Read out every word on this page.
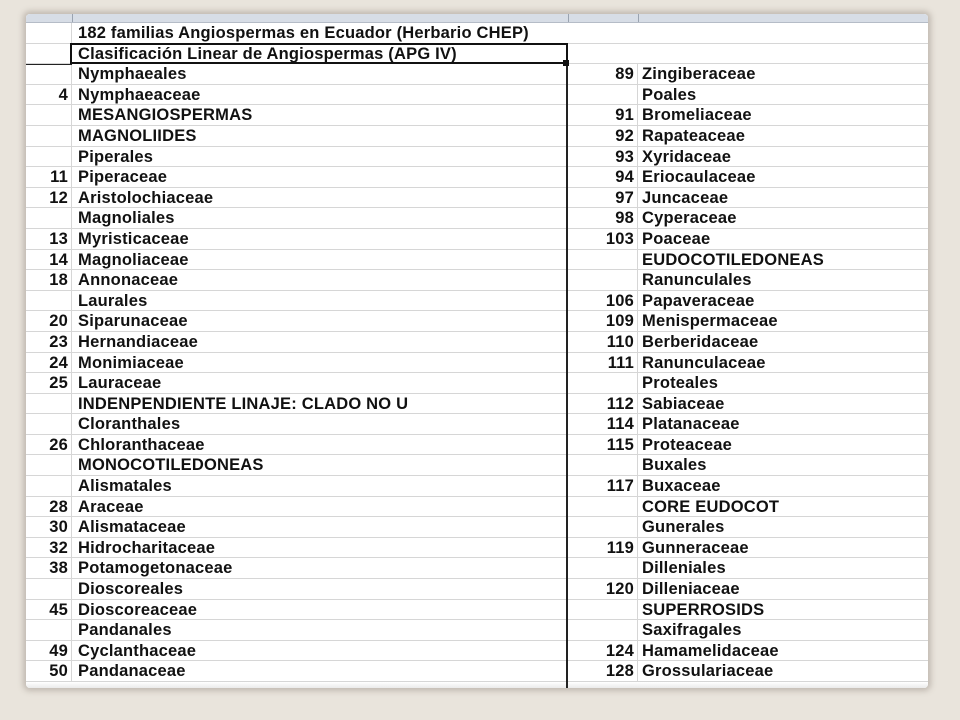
182 familias Angiospermas en Ecuador (Herbario CHEP)
Clasificación Linear de Angiospermas (APG IV)
Nymphaeales	89 Zingiberaceae
4 Nymphaeaceae	Poales
MESANGIOSPERMAS	91 Bromeliaceae
MAGNOLIIDES	92 Rapateaceae
Piperales	93 Xyridaceae
11 Piperaceae	94 Eriocaulaceae
12 Aristolochiaceae	97 Juncaceae
Magnoliales	98 Cyperaceae
13 Myristicaceae	103 Poaceae
14 Magnoliaceae	EUDOCOTILEDONEAS
18 Annonaceae	Ranunculales
Laurales	106 Papaveraceae
20 Siparunaceae	109 Menispermaceae
23 Hernandiaceae	110 Berberidaceae
24 Monimiaceae	111 Ranunculaceae
25 Lauraceae	Proteales
INDENPENDIENTE LINAJE: CLADO NO U	112 Sabiaceae
Cloranthales	114 Platanaceae
26 Chloranthaceae	115 Proteaceae
MONOCOTILEDONEAS	Buxales
Alismatales	117 Buxaceae
28 Araceae	CORE EUDOCOT
30 Alismataceae	Gunerales
32 Hidrocharitaceae	119 Gunneraceae
38 Potamogetonaceae	Dilleniales
Dioscoreales	120 Dilleniaceae
45 Dioscoreaceae	SUPERROSIDS
Pandanales	Saxifragales
49 Cyclanthaceae	124 Hamamelidaceae
50 Pandanaceae	128 Grossulariaceae
